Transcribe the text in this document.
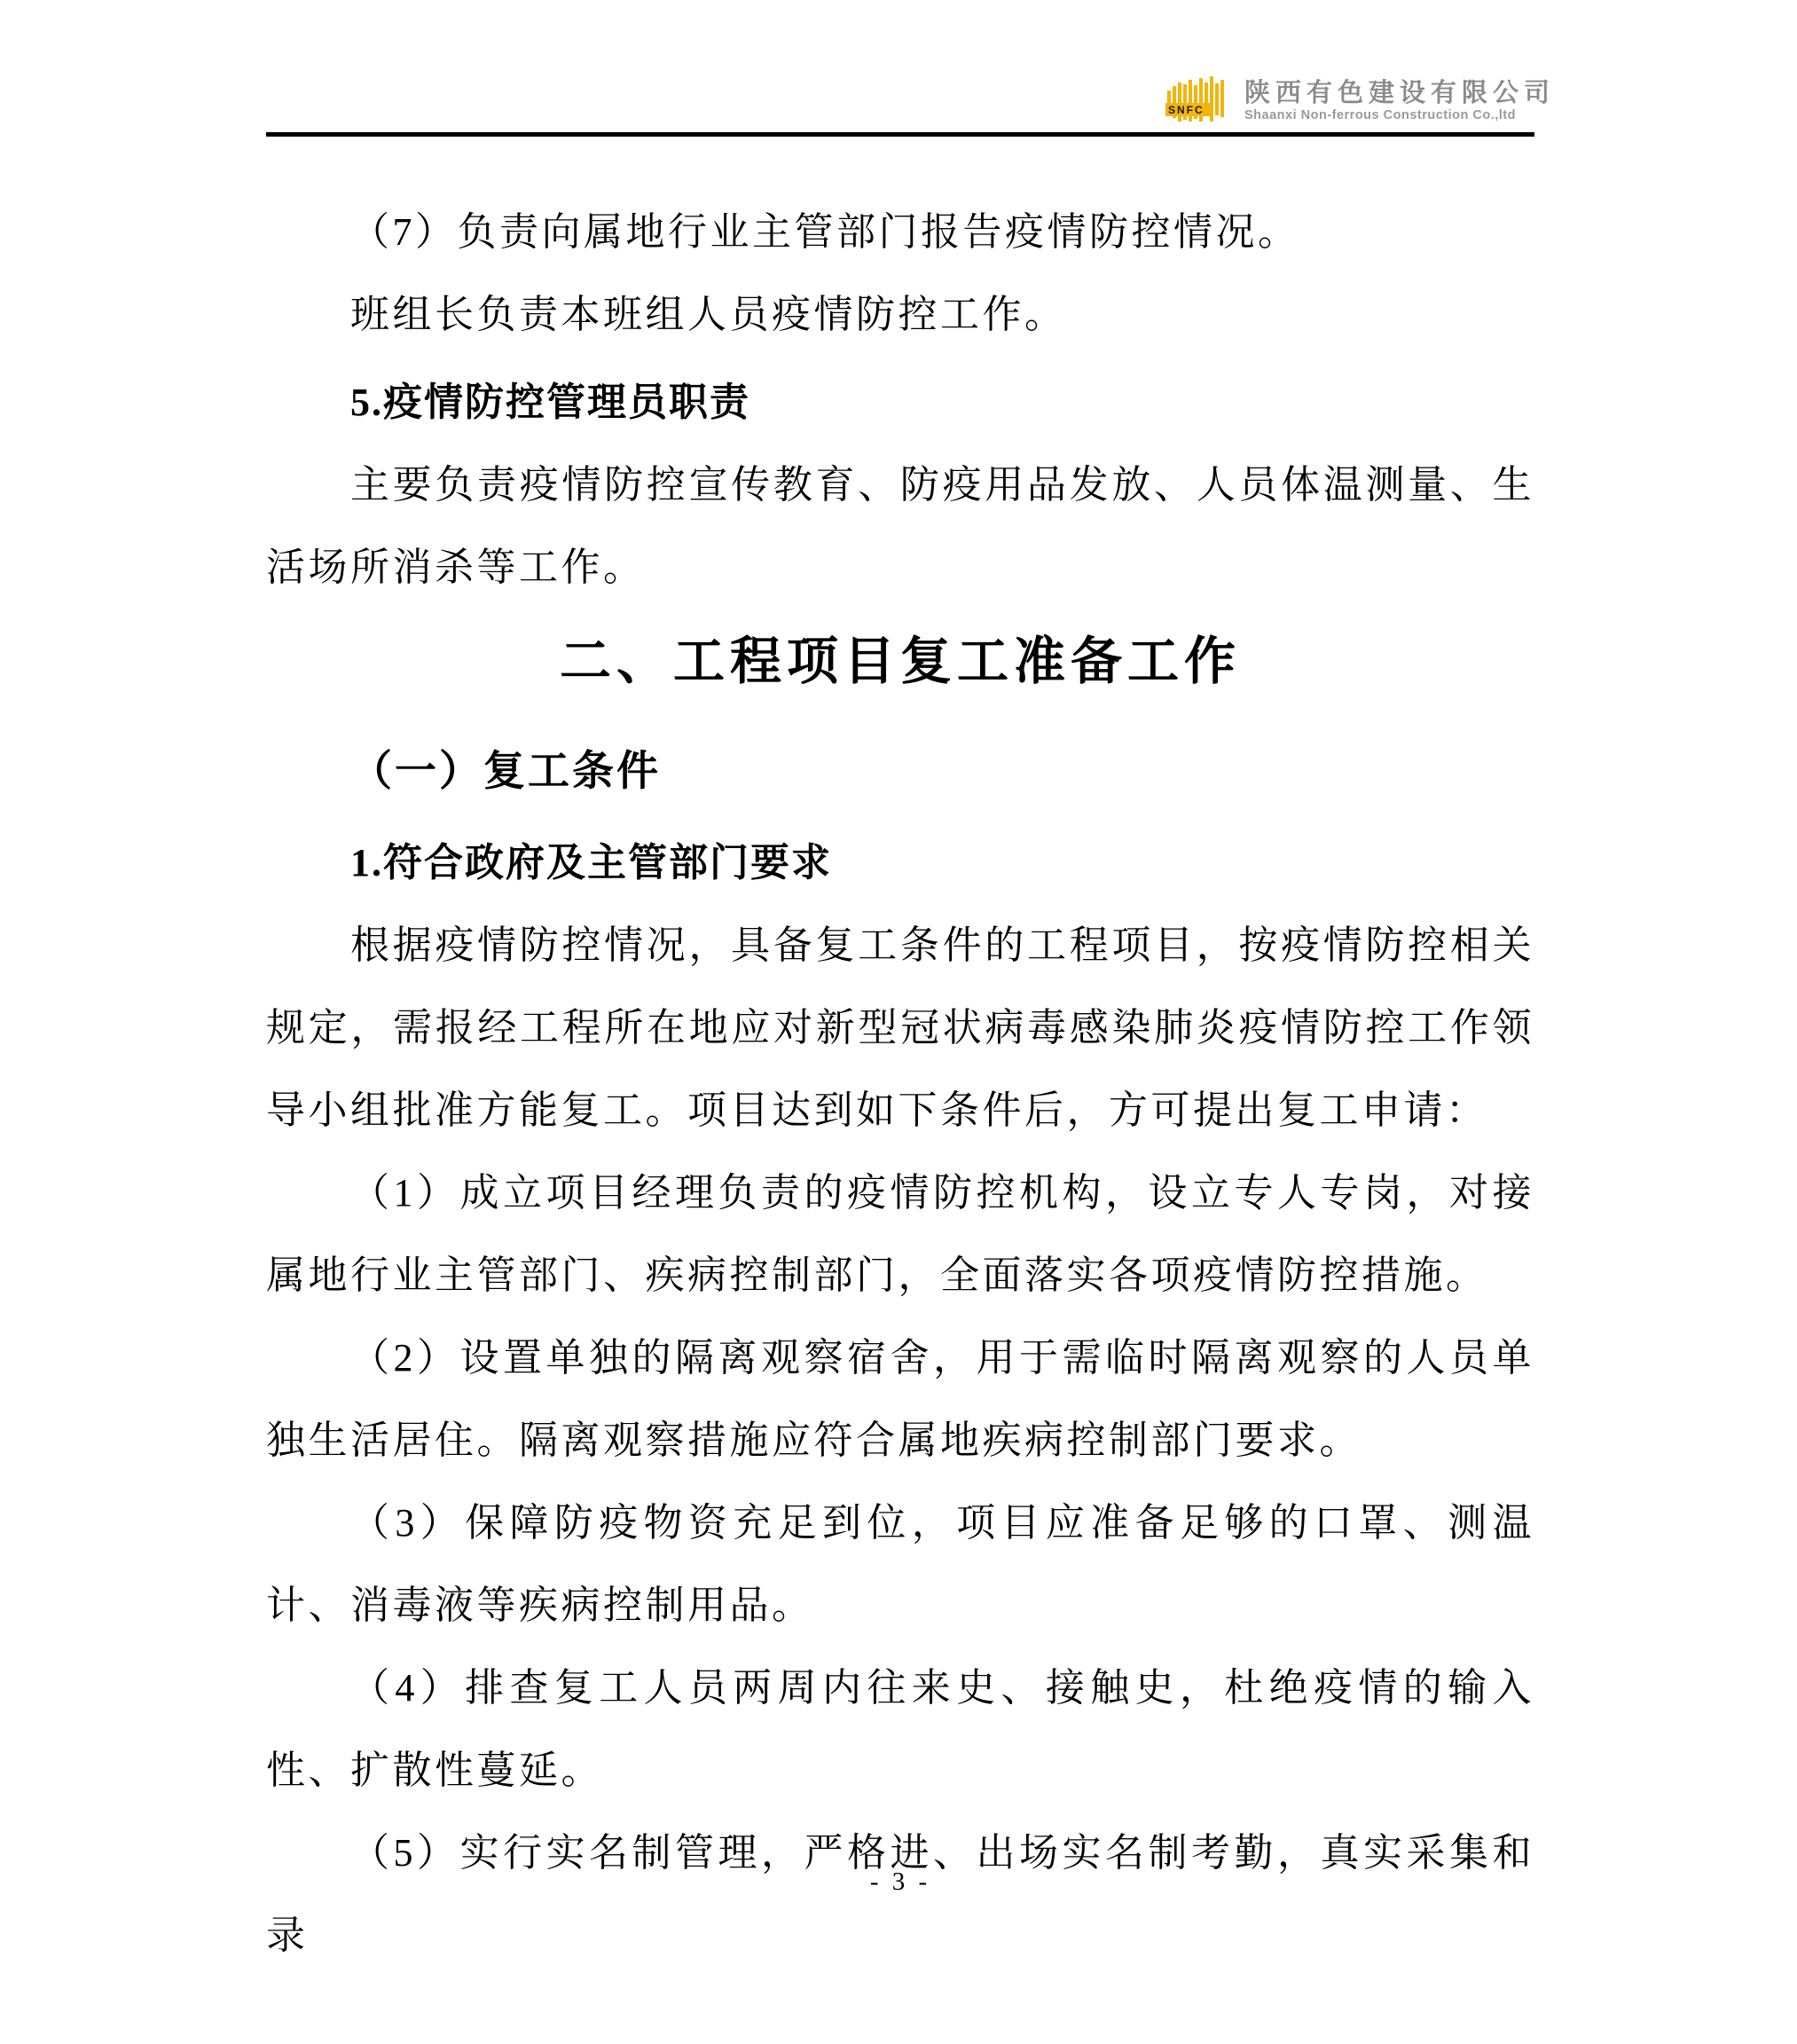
SNFC
陕西有色建设有限公司
Shaanxi Non-ferrous Construction Co.,ltd

（7）负责向属地行业主管部门报告疫情防控情况。

班组长负责本班组人员疫情防控工作。

5.疫情防控管理员职责

主要负责疫情防控宣传教育、防疫用品发放、人员体温测量、生活场所消杀等工作。

二、工程项目复工准备工作

（一）复工条件

1.符合政府及主管部门要求

根据疫情防控情况，具备复工条件的工程项目，按疫情防控相关规定，需报经工程所在地应对新型冠状病毒感染肺炎疫情防控工作领导小组批准方能复工。项目达到如下条件后，方可提出复工申请：

（1）成立项目经理负责的疫情防控机构，设立专人专岗，对接属地行业主管部门、疾病控制部门，全面落实各项疫情防控措施。

（2）设置单独的隔离观察宿舍，用于需临时隔离观察的人员单独生活居住。隔离观察措施应符合属地疾病控制部门要求。

（3）保障防疫物资充足到位，项目应准备足够的口罩、测温计、消毒液等疾病控制用品。

（4）排查复工人员两周内往来史、接触史，杜绝疫情的输入性、扩散性蔓延。

（5）实行实名制管理，严格进、出场实名制考勤，真实采集和录

- 3 -
